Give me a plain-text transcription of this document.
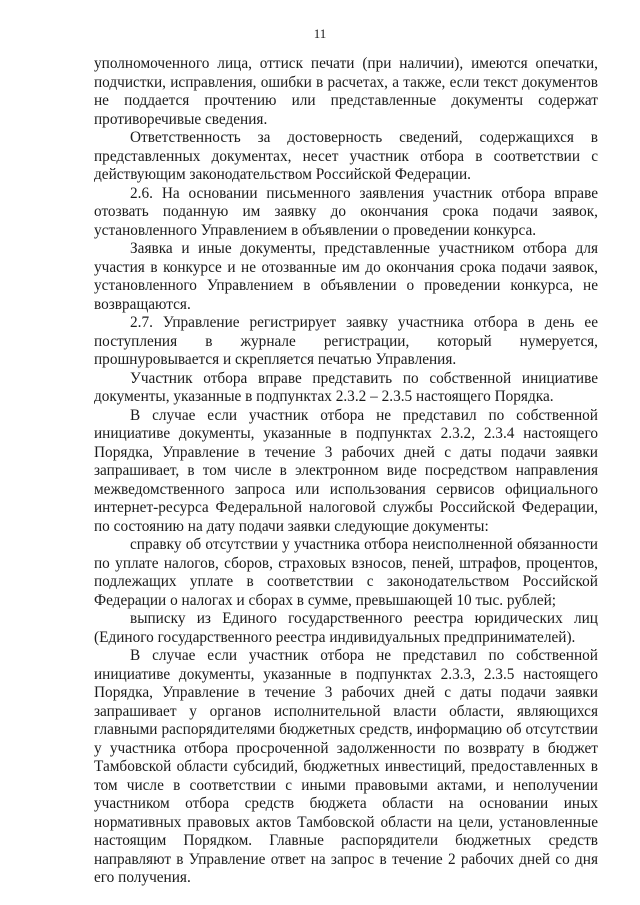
11

уполномоченного лица, оттиск печати (при наличии), имеются опечатки, подчистки, исправления, ошибки в расчетах, а также, если текст документов не поддается прочтению или представленные документы содержат противоречивые сведения.

Ответственность за достоверность сведений, содержащихся в представленных документах, несет участник отбора в соответствии с действующим законодательством Российской Федерации.

2.6. На основании письменного заявления участник отбора вправе отозвать поданную им заявку до окончания срока подачи заявок, установленного Управлением в объявлении о проведении конкурса.

Заявка и иные документы, представленные участником отбора для участия в конкурсе и не отозванные им до окончания срока подачи заявок, установленного Управлением в объявлении о проведении конкурса, не возвращаются.

2.7. Управление регистрирует заявку участника отбора в день ее поступления в журнале регистрации, который нумеруется, прошнуровывается и скрепляется печатью Управления.

Участник отбора вправе представить по собственной инициативе документы, указанные в подпунктах 2.3.2 – 2.3.5 настоящего Порядка.

В случае если участник отбора не представил по собственной инициативе документы, указанные в подпунктах 2.3.2, 2.3.4 настоящего Порядка, Управление в течение 3 рабочих дней с даты подачи заявки запрашивает, в том числе в электронном виде посредством направления межведомственного запроса или использования сервисов официального интернет-ресурса Федеральной налоговой службы Российской Федерации, по состоянию на дату подачи заявки следующие документы:

справку об отсутствии у участника отбора неисполненной обязанности по уплате налогов, сборов, страховых взносов, пеней, штрафов, процентов, подлежащих уплате в соответствии с законодательством Российской Федерации о налогах и сборах в сумме, превышающей 10 тыс. рублей;

выписку из Единого государственного реестра юридических лиц (Единого государственного реестра индивидуальных предпринимателей).

В случае если участник отбора не представил по собственной инициативе документы, указанные в подпунктах 2.3.3, 2.3.5 настоящего Порядка, Управление в течение 3 рабочих дней с даты подачи заявки запрашивает у органов исполнительной власти области, являющихся главными распорядителями бюджетных средств, информацию об отсутствии у участника отбора просроченной задолженности по возврату в бюджет Тамбовской области субсидий, бюджетных инвестиций, предоставленных в том числе в соответствии с иными правовыми актами, и неполучении участником отбора средств бюджета области на основании иных нормативных правовых актов Тамбовской области на цели, установленные настоящим Порядком. Главные распорядители бюджетных средств направляют в Управление ответ на запрос в течение 2 рабочих дней со дня его получения.
